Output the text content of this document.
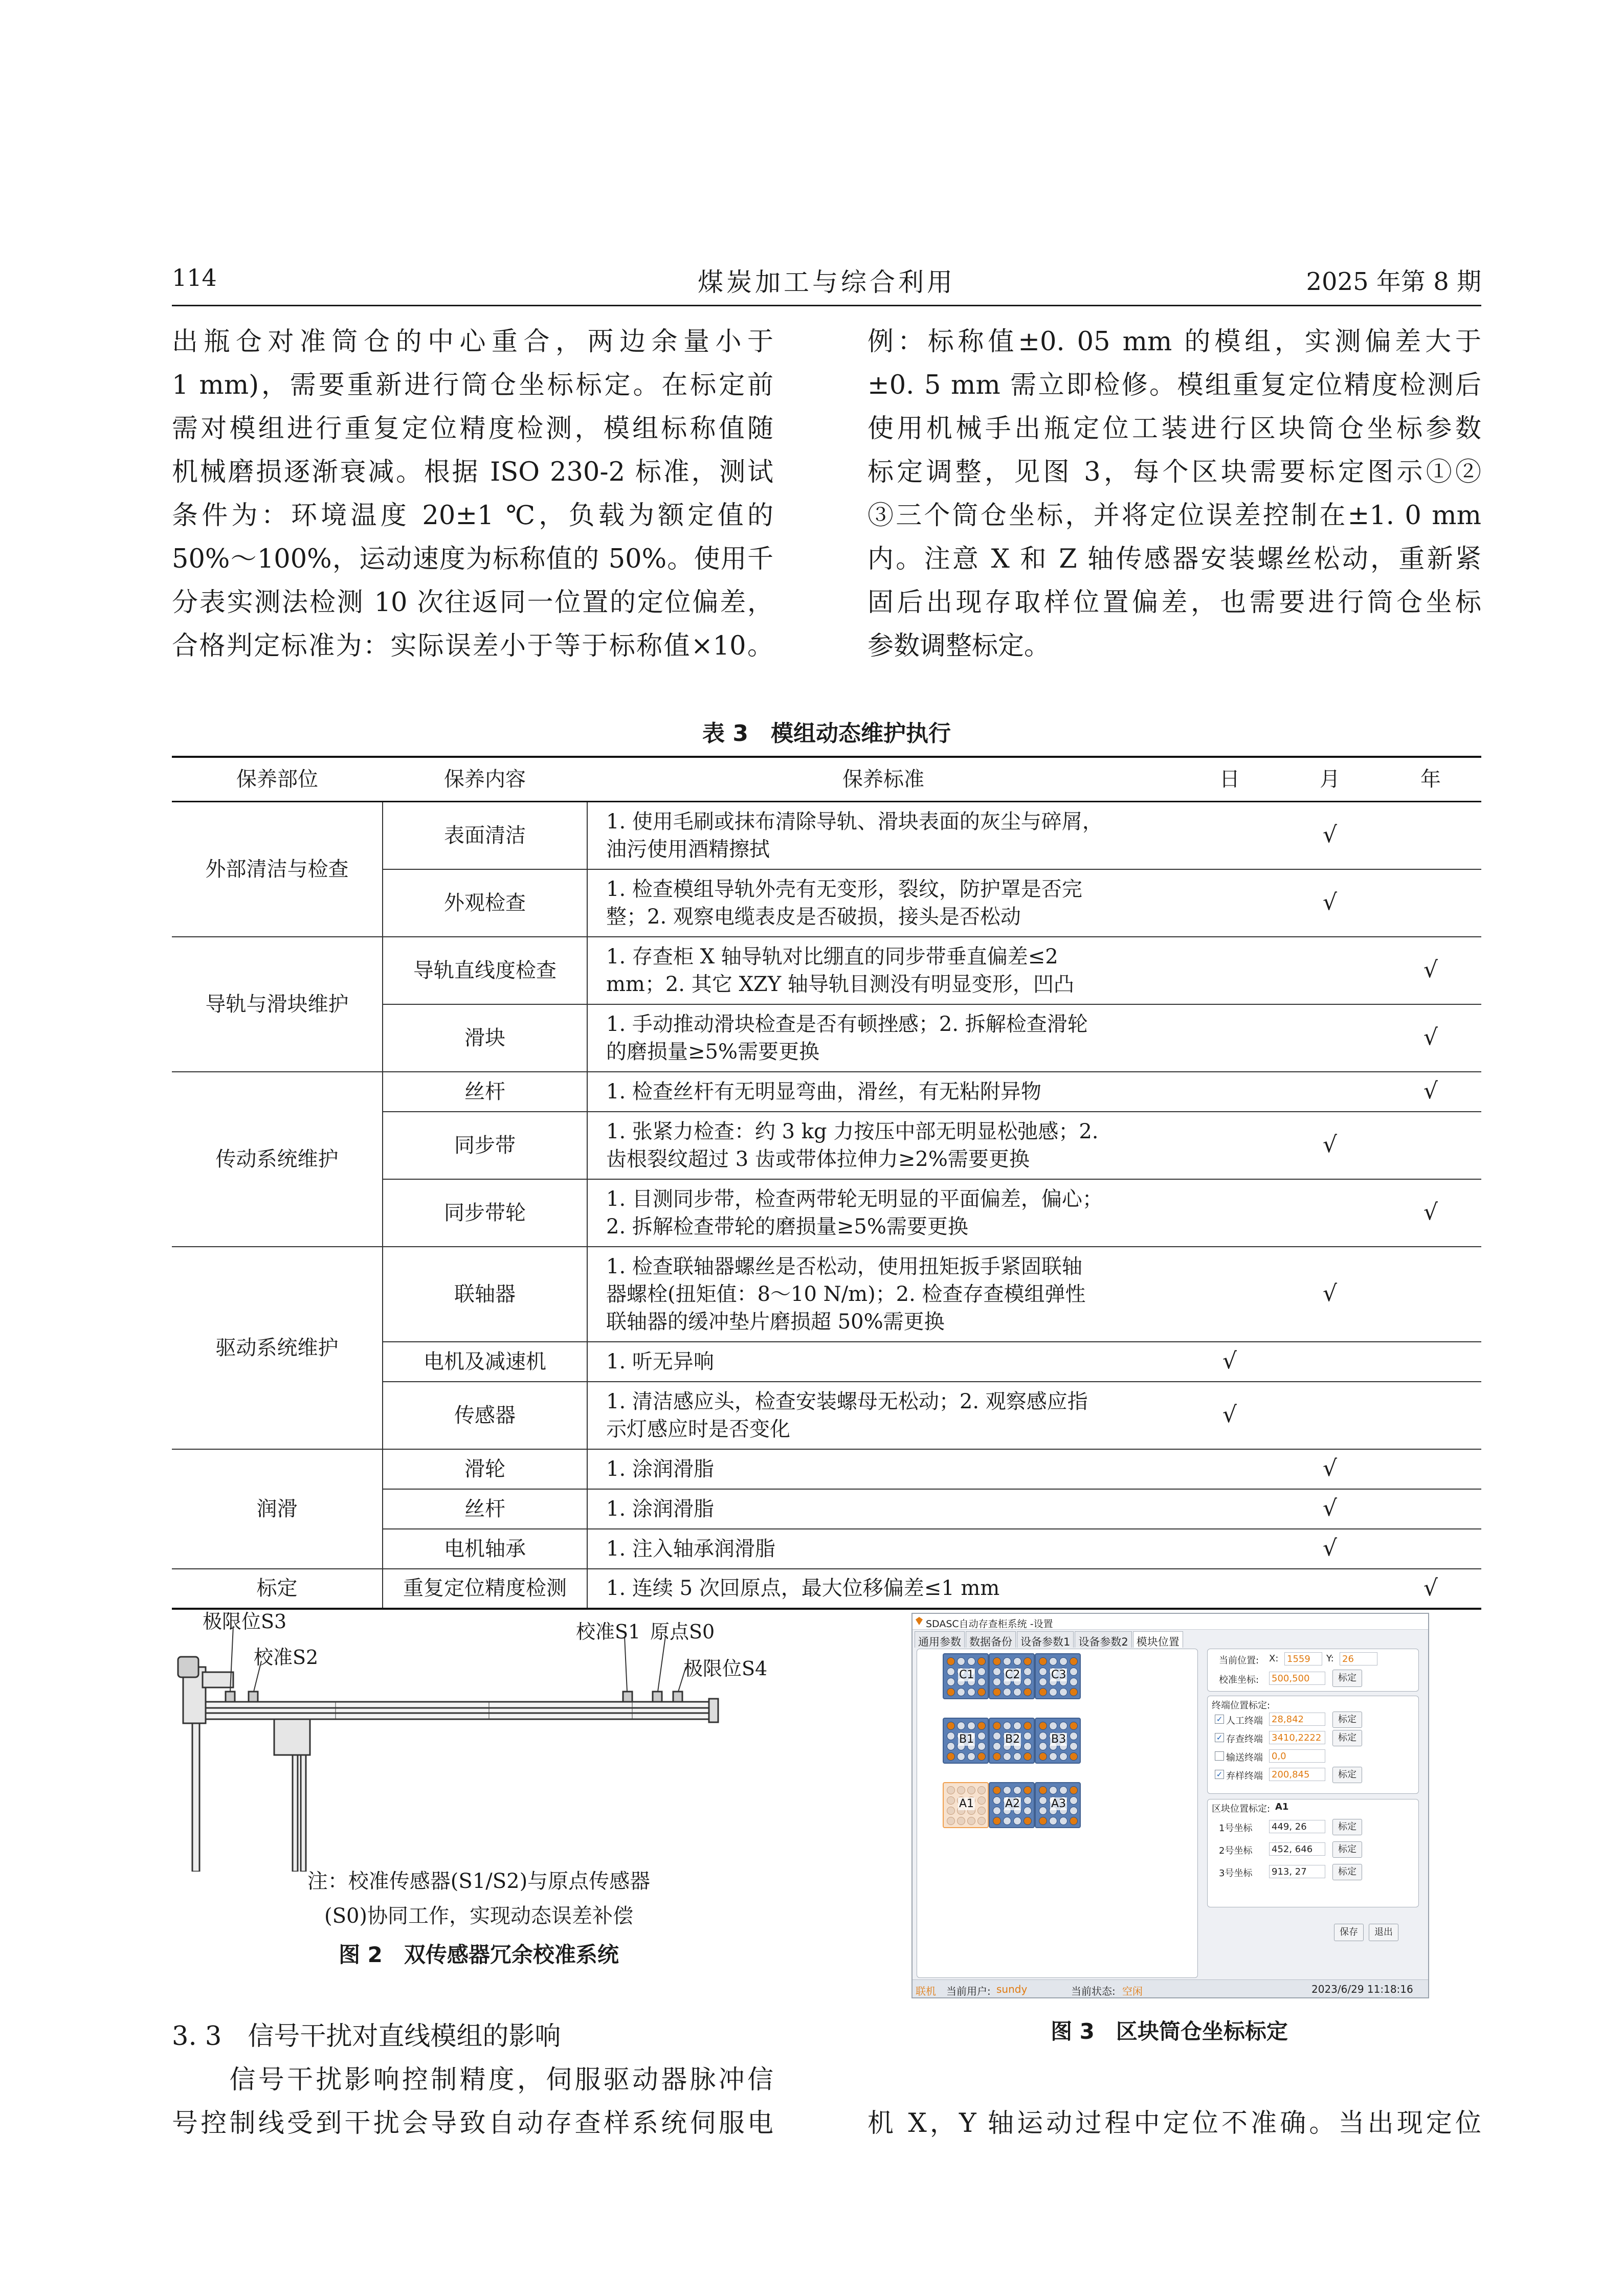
114	煤炭加工与综合利用	2025 年第 8 期
出瓶仓对准筒仓的中心重合，两边余量小于
1 mm)，需要重新进行筒仓坐标标定。在标定前
需对模组进行重复定位精度检测，模组标称值随
机械磨损逐渐衰减。根据 ISO 230-2 标准，测试
条件为：环境温度 20±1 ℃，负载为额定值的
50%～100%，运动速度为标称值的 50%。使用千
分表实测法检测 10 次往返同一位置的定位偏差，
合格判定标准为：实际误差小于等于标称值×10。
例：标称值±0. 05 mm 的模组，实测偏差大于
±0. 5 mm 需立即检修。模组重复定位精度检测后
使用机械手出瓶定位工装进行区块筒仓坐标参数
标定调整，见图 3，每个区块需要标定图示①②
③三个筒仓坐标，并将定位误差控制在±1. 0 mm
内。注意 X 和 Z 轴传感器安装螺丝松动，重新紧
固后出现存取样位置偏差，也需要进行筒仓坐标
参数调整标定。
表 3　模组动态维护执行
保养部位	保养内容	保养标准	日	月	年
外部清洁与检查	表面清洁	1. 使用毛刷或抹布清除导轨、滑块表面的灰尘与碎屑，
油污使用酒精擦拭		√	
	外观检查	1. 检查模组导轨外壳有无变形，裂纹，防护罩是否完
整；2. 观察电缆表皮是否破损，接头是否松动		√	
导轨与滑块维护	导轨直线度检查	1. 存查柜 X 轴导轨对比绷直的同步带垂直偏差≤2
mm；2. 其它 XZY 轴导轨目测没有明显变形，凹凸			√
	滑块	1. 手动推动滑块检查是否有顿挫感；2. 拆解检查滑轮
的磨损量≥5%需要更换			√
传动系统维护	丝杆	1. 检查丝杆有无明显弯曲，滑丝，有无粘附异物			√
	同步带	1. 张紧力检查：约 3 kg 力按压中部无明显松弛感；2.
齿根裂纹超过 3 齿或带体拉伸力≥2%需要更换		√	
	同步带轮	1. 目测同步带，检查两带轮无明显的平面偏差，偏心；
2. 拆解检查带轮的磨损量≥5%需要更换			√
驱动系统维护	联轴器	1. 检查联轴器螺丝是否松动，使用扭矩扳手紧固联轴
器螺栓(扭矩值：8～10 N/m)；2. 检查存查模组弹性
联轴器的缓冲垫片磨损超 50%需更换		√	
	电机及减速机	1. 听无异响	√		
	传感器	1. 清洁感应头，检查安装螺母无松动；2. 观察感应指
示灯感应时是否变化	√		
润滑	滑轮	1. 涂润滑脂		√	
	丝杆	1. 涂润滑脂		√	
	电机轴承	1. 注入轴承润滑脂		√	
标定	重复定位精度检测	1. 连续 5 次回原点，最大位移偏差≤1 mm			√
极限位S3
校准S2
校准S1 原点S0
极限位S4
注：校准传感器(S1/S2)与原点传感器
(S0)协同工作，实现动态误差补偿
图 2　双传感器冗余校准系统
SDASC自动存查柜系统 -设置
通用参数 数据备份 设备参数1 设备参数2 模块位置
C1	C2	C3
B1	B2	B3
A1	A2	A3
当前位置: X: 1559	Y: 26
校准坐标: 500,500	标定
终端位置标定:
✓ 人工终端 28,842	标定
✓ 存查终端 3410,2222	标定
输送终端 0,0
✓ 弃样终端 200,845	标定
区块位置标定: A1
1号坐标 449, 26	标定
2号坐标 452, 646	标定
3号坐标 913, 27	标定
保存	退出
联机 当前用户: sundy	当前状态: 空闲	2023/6/29 11:18:16
图 3　区块筒仓坐标标定
3. 3　信号干扰对直线模组的影响
　　信号干扰影响控制精度，伺服驱动器脉冲信
号控制线受到干扰会导致自动存查样系统伺服电	机 X，Y 轴运动过程中定位不准确。当出现定位
